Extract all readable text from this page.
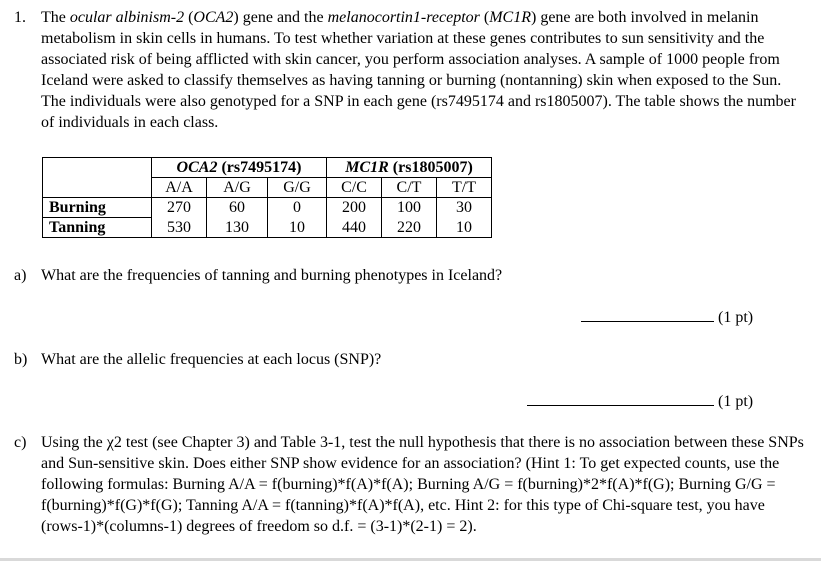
1. The ocular albinism-2 (OCA2) gene and the melanocortin1-receptor (MC1R) gene are both involved in melanin metabolism in skin cells in humans. To test whether variation at these genes contributes to sun sensitivity and the associated risk of being afflicted with skin cancer, you perform association analyses. A sample of 1000 people from Iceland were asked to classify themselves as having tanning or burning (nontanning) skin when exposed to the Sun. The individuals were also genotyped for a SNP in each gene (rs7495174 and rs1805007). The table shows the number of individuals in each class.
	OCA2 (rs7495174)			MC1R (rs1805007)		
	A/A	A/G	G/G	C/C	C/T	T/T
Burning	270	60	0	200	100	30
Tanning	530	130	10	440	220	10
a) What are the frequencies of tanning and burning phenotypes in Iceland?
(1 pt)
b) What are the allelic frequencies at each locus (SNP)?
(1 pt)
c) Using the χ2 test (see Chapter 3) and Table 3-1, test the null hypothesis that there is no association between these SNPs and Sun-sensitive skin. Does either SNP show evidence for an association? (Hint 1: To get expected counts, use the following formulas: Burning A/A = f(burning)*f(A)*f(A); Burning A/G = f(burning)*2*f(A)*f(G); Burning G/G = f(burning)*f(G)*f(G); Tanning A/A = f(tanning)*f(A)*f(A), etc. Hint 2: for this type of Chi-square test, you have (rows-1)*(columns-1) degrees of freedom so d.f. = (3-1)*(2-1) = 2).
